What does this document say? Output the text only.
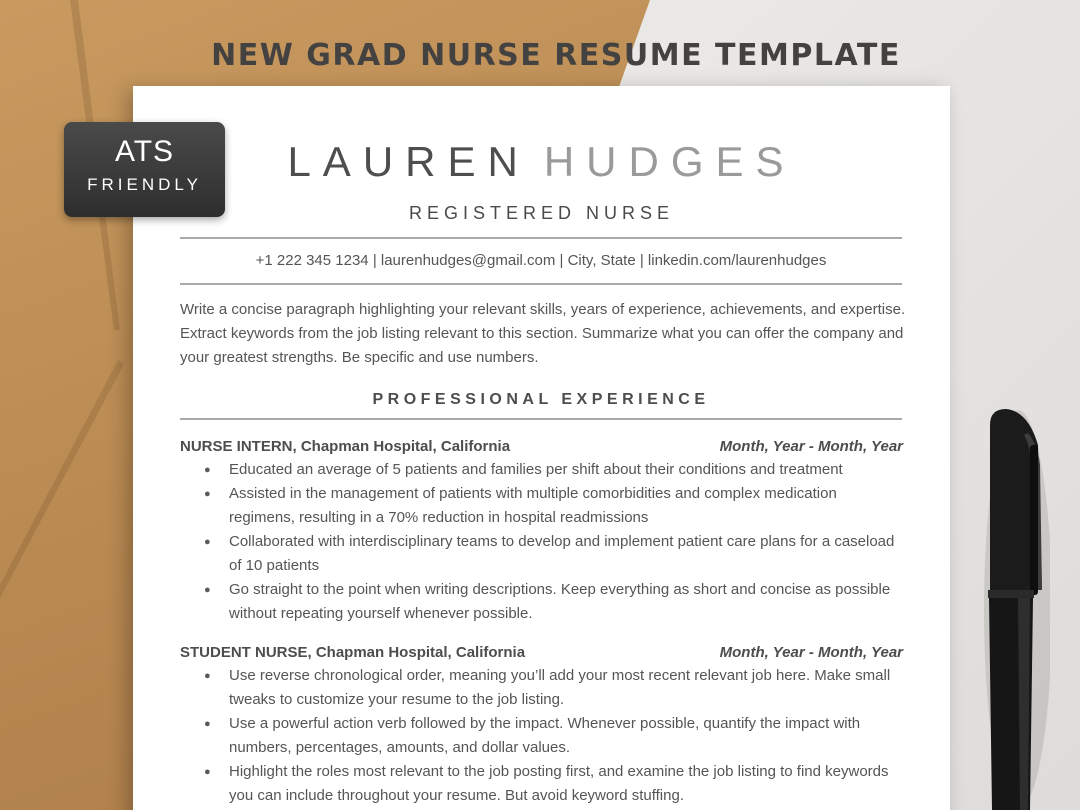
NEW GRAD NURSE RESUME TEMPLATE
ATS
FRIENDLY	LAUREN HUDGES
REGISTERED NURSE
+1 222 345 1234 | laurenhudges@gmail.com | City, State | linkedin.com/laurenhudges

Write a concise paragraph highlighting your relevant skills, years of experience, achievements, and expertise. Extract keywords from the job listing relevant to this section. Summarize what you can offer the company and your greatest strengths. Be specific and use numbers.

PROFESSIONAL EXPERIENCE
NURSE INTERN, Chapman Hospital, California	Month, Year - Month, Year
● Educated an average of 5 patients and families per shift about their conditions and treatment
● Assisted in the management of patients with multiple comorbidities and complex medication regimens, resulting in a 70% reduction in hospital readmissions
● Collaborated with interdisciplinary teams to develop and implement patient care plans for a caseload of 10 patients
● Go straight to the point when writing descriptions. Keep everything as short and concise as possible without repeating yourself whenever possible.
STUDENT NURSE, Chapman Hospital, California	Month, Year - Month, Year
● Use reverse chronological order, meaning you’ll add your most recent relevant job here. Make small tweaks to customize your resume to the job listing.
● Use a powerful action verb followed by the impact. Whenever possible, quantify the impact with numbers, percentages, amounts, and dollar values.
● Highlight the roles most relevant to the job posting first, and examine the job listing to find keywords you can include throughout your resume. But avoid keyword stuffing.
